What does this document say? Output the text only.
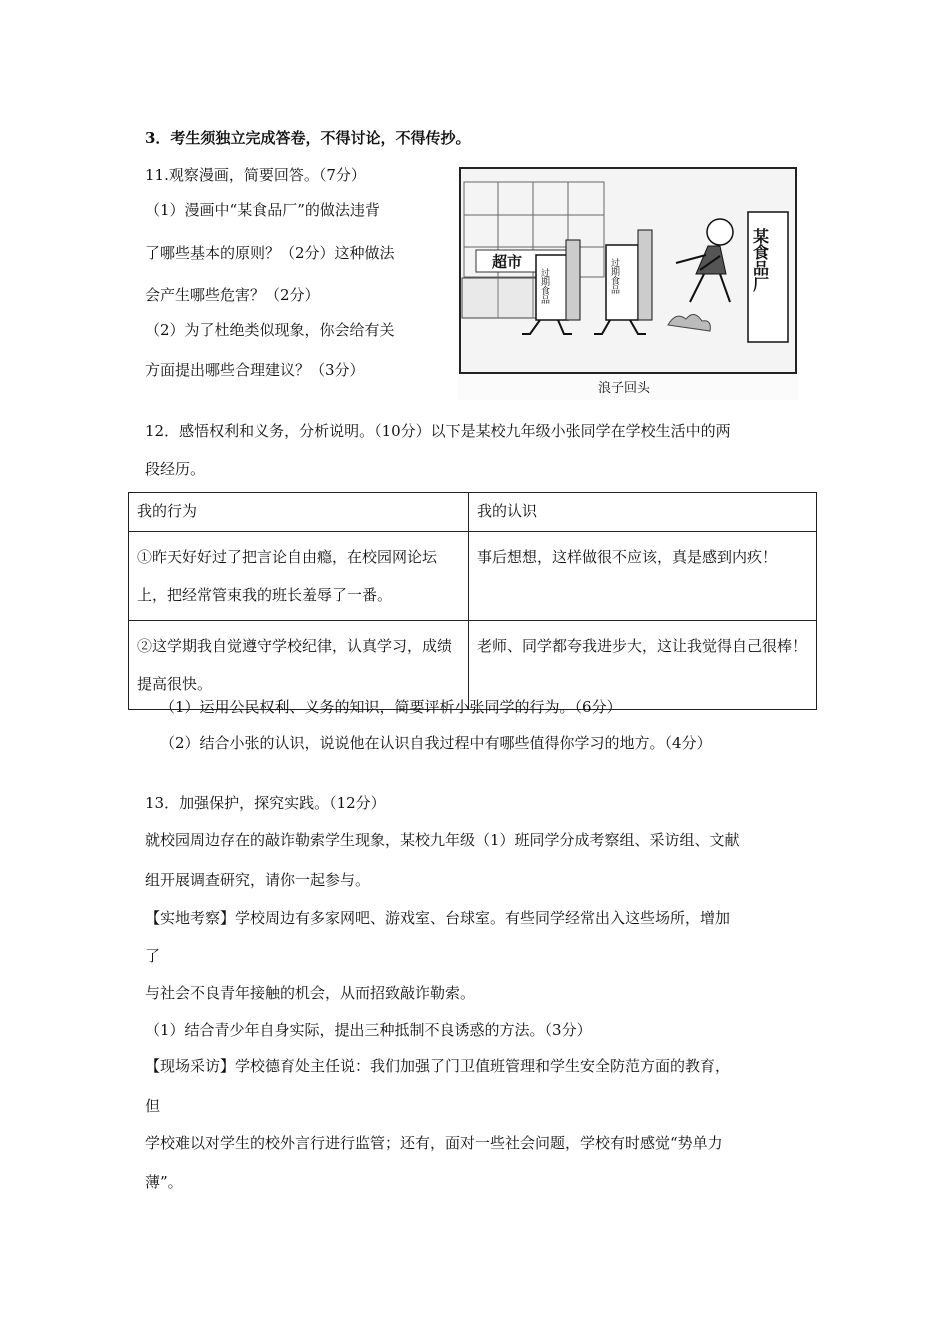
3．考生须独立完成答卷，不得讨论，不得传抄。
11.观察漫画，简要回答。（7分）
（1）漫画中“某食品厂”的做法违背
了哪些基本的原则？（2分）这种做法
会产生哪些危害？（2分）
（2）为了杜绝类似现象，你会给有关
方面提出哪些合理建议？（3分）
超市
过期食品	过期食品	某食品厂
浪子回头
12．感悟权利和义务，分析说明。（10分）以下是某校九年级小张同学在学校生活中的两
段经历。
我的行为	我的认识
①昨天好好过了把言论自由瘾，在校园网论坛上，把经常管束我的班长羞辱了一番。	事后想想，这样做很不应该，真是感到内疚！
②这学期我自觉遵守学校纪律，认真学习，成绩提高很快。	老师、同学都夸我进步大，这让我觉得自己很棒！
（1）运用公民权利、义务的知识，简要评析小张同学的行为。（6分）
（2）结合小张的认识，说说他在认识自我过程中有哪些值得你学习的地方。（4分）
13．加强保护，探究实践。（12分）
就校园周边存在的敲诈勒索学生现象，某校九年级（1）班同学分成考察组、采访组、文献
组开展调查研究，请你一起参与。
【实地考察】学校周边有多家网吧、游戏室、台球室。有些同学经常出入这些场所，增加
了
与社会不良青年接触的机会，从而招致敲诈勒索。
（1）结合青少年自身实际，提出三种抵制不良诱惑的方法。（3分）
【现场采访】学校德育处主任说：我们加强了门卫值班管理和学生安全防范方面的教育，
但
学校难以对学生的校外言行进行监管；还有，面对一些社会问题，学校有时感觉“势单力
薄”。
